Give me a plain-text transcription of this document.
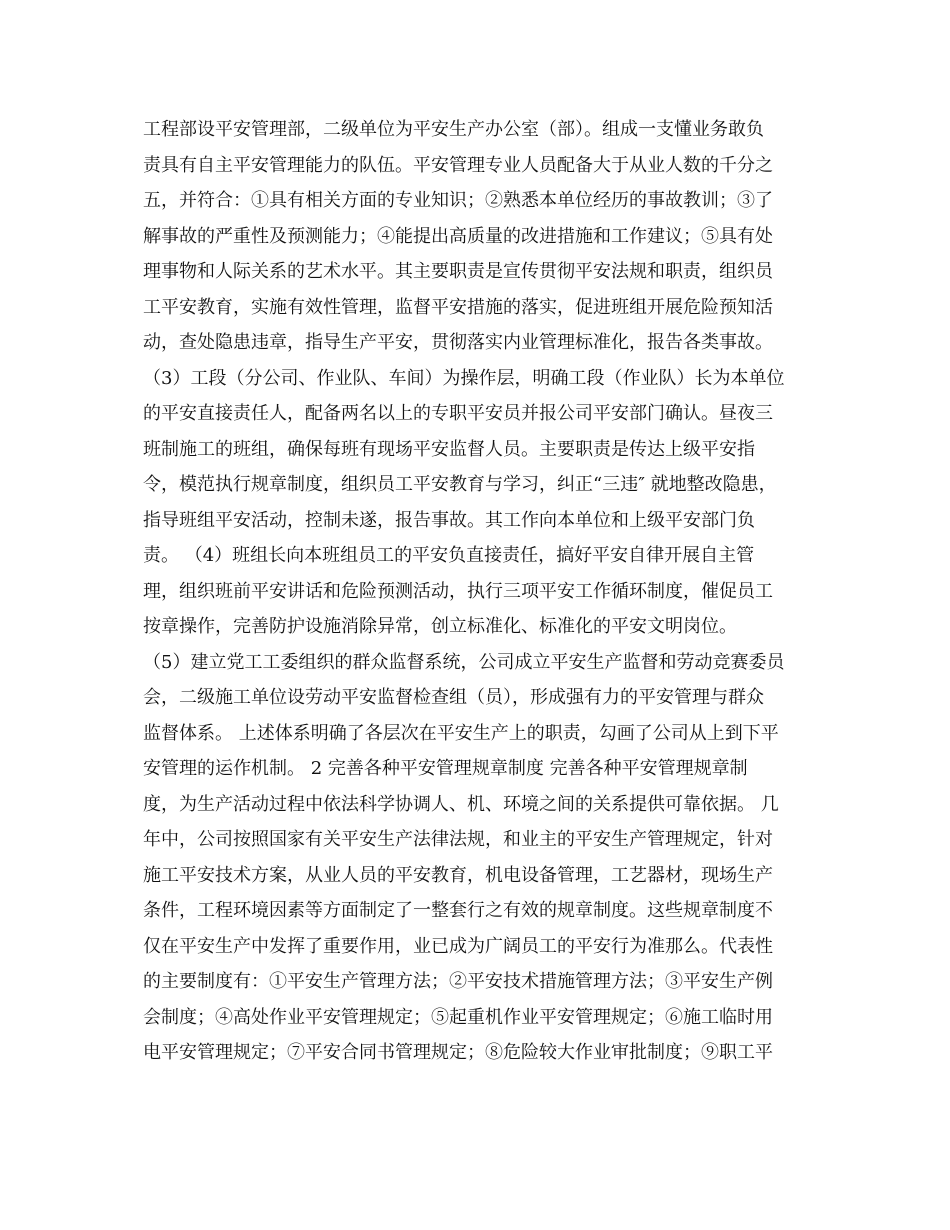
工程部设平安管理部，二级单位为平安生产办公室（部）。组成一支懂业务敢负
责具有自主平安管理能力的队伍。平安管理专业人员配备大于从业人数的千分之
五，并符合：①具有相关方面的专业知识；②熟悉本单位经历的事故教训；③了
解事故的严重性及预测能力；④能提出高质量的改进措施和工作建议；⑤具有处
理事物和人际关系的艺术水平。其主要职责是宣传贯彻平安法规和职责，组织员
工平安教育，实施有效性管理，监督平安措施的落实，促进班组开展危险预知活
动，查处隐患违章，指导生产平安，贯彻落实内业管理标准化，报告各类事故。
（3）工段（分公司、作业队、车间）为操作层，明确工段（作业队）长为本单位
的平安直接责任人，配备两名以上的专职平安员并报公司平安部门确认。昼夜三
班制施工的班组，确保每班有现场平安监督人员。主要职责是传达上级平安指
令，模范执行规章制度，组织员工平安教育与学习，纠正“三违″ 就地整改隐患，
指导班组平安活动，控制未遂，报告事故。其工作向本单位和上级平安部门负
责。 （4）班组长向本班组员工的平安负直接责任，搞好平安自律开展自主管
理，组织班前平安讲话和危险预测活动，执行三项平安工作循环制度，催促员工
按章操作，完善防护设施消除异常，创立标准化、标准化的平安文明岗位。
（5）建立党工工委组织的群众监督系统，公司成立平安生产监督和劳动竞赛委员
会，二级施工单位设劳动平安监督检查组（员），形成强有力的平安管理与群众
监督体系。 上述体系明确了各层次在平安生产上的职责，勾画了公司从上到下平
安管理的运作机制。 2 完善各种平安管理规章制度 完善各种平安管理规章制
度，为生产活动过程中依法科学协调人、机、环境之间的关系提供可靠依据。 几
年中，公司按照国家有关平安生产法律法规，和业主的平安生产管理规定，针对
施工平安技术方案，从业人员的平安教育，机电设备管理，工艺器材，现场生产
条件，工程环境因素等方面制定了一整套行之有效的规章制度。这些规章制度不
仅在平安生产中发挥了重要作用，业已成为广阔员工的平安行为准那么。代表性
的主要制度有：①平安生产管理方法；②平安技术措施管理方法；③平安生产例
会制度；④高处作业平安管理规定；⑤起重机作业平安管理规定；⑥施工临时用
电平安管理规定；⑦平安合同书管理规定；⑧危险较大作业审批制度；⑨职工平
